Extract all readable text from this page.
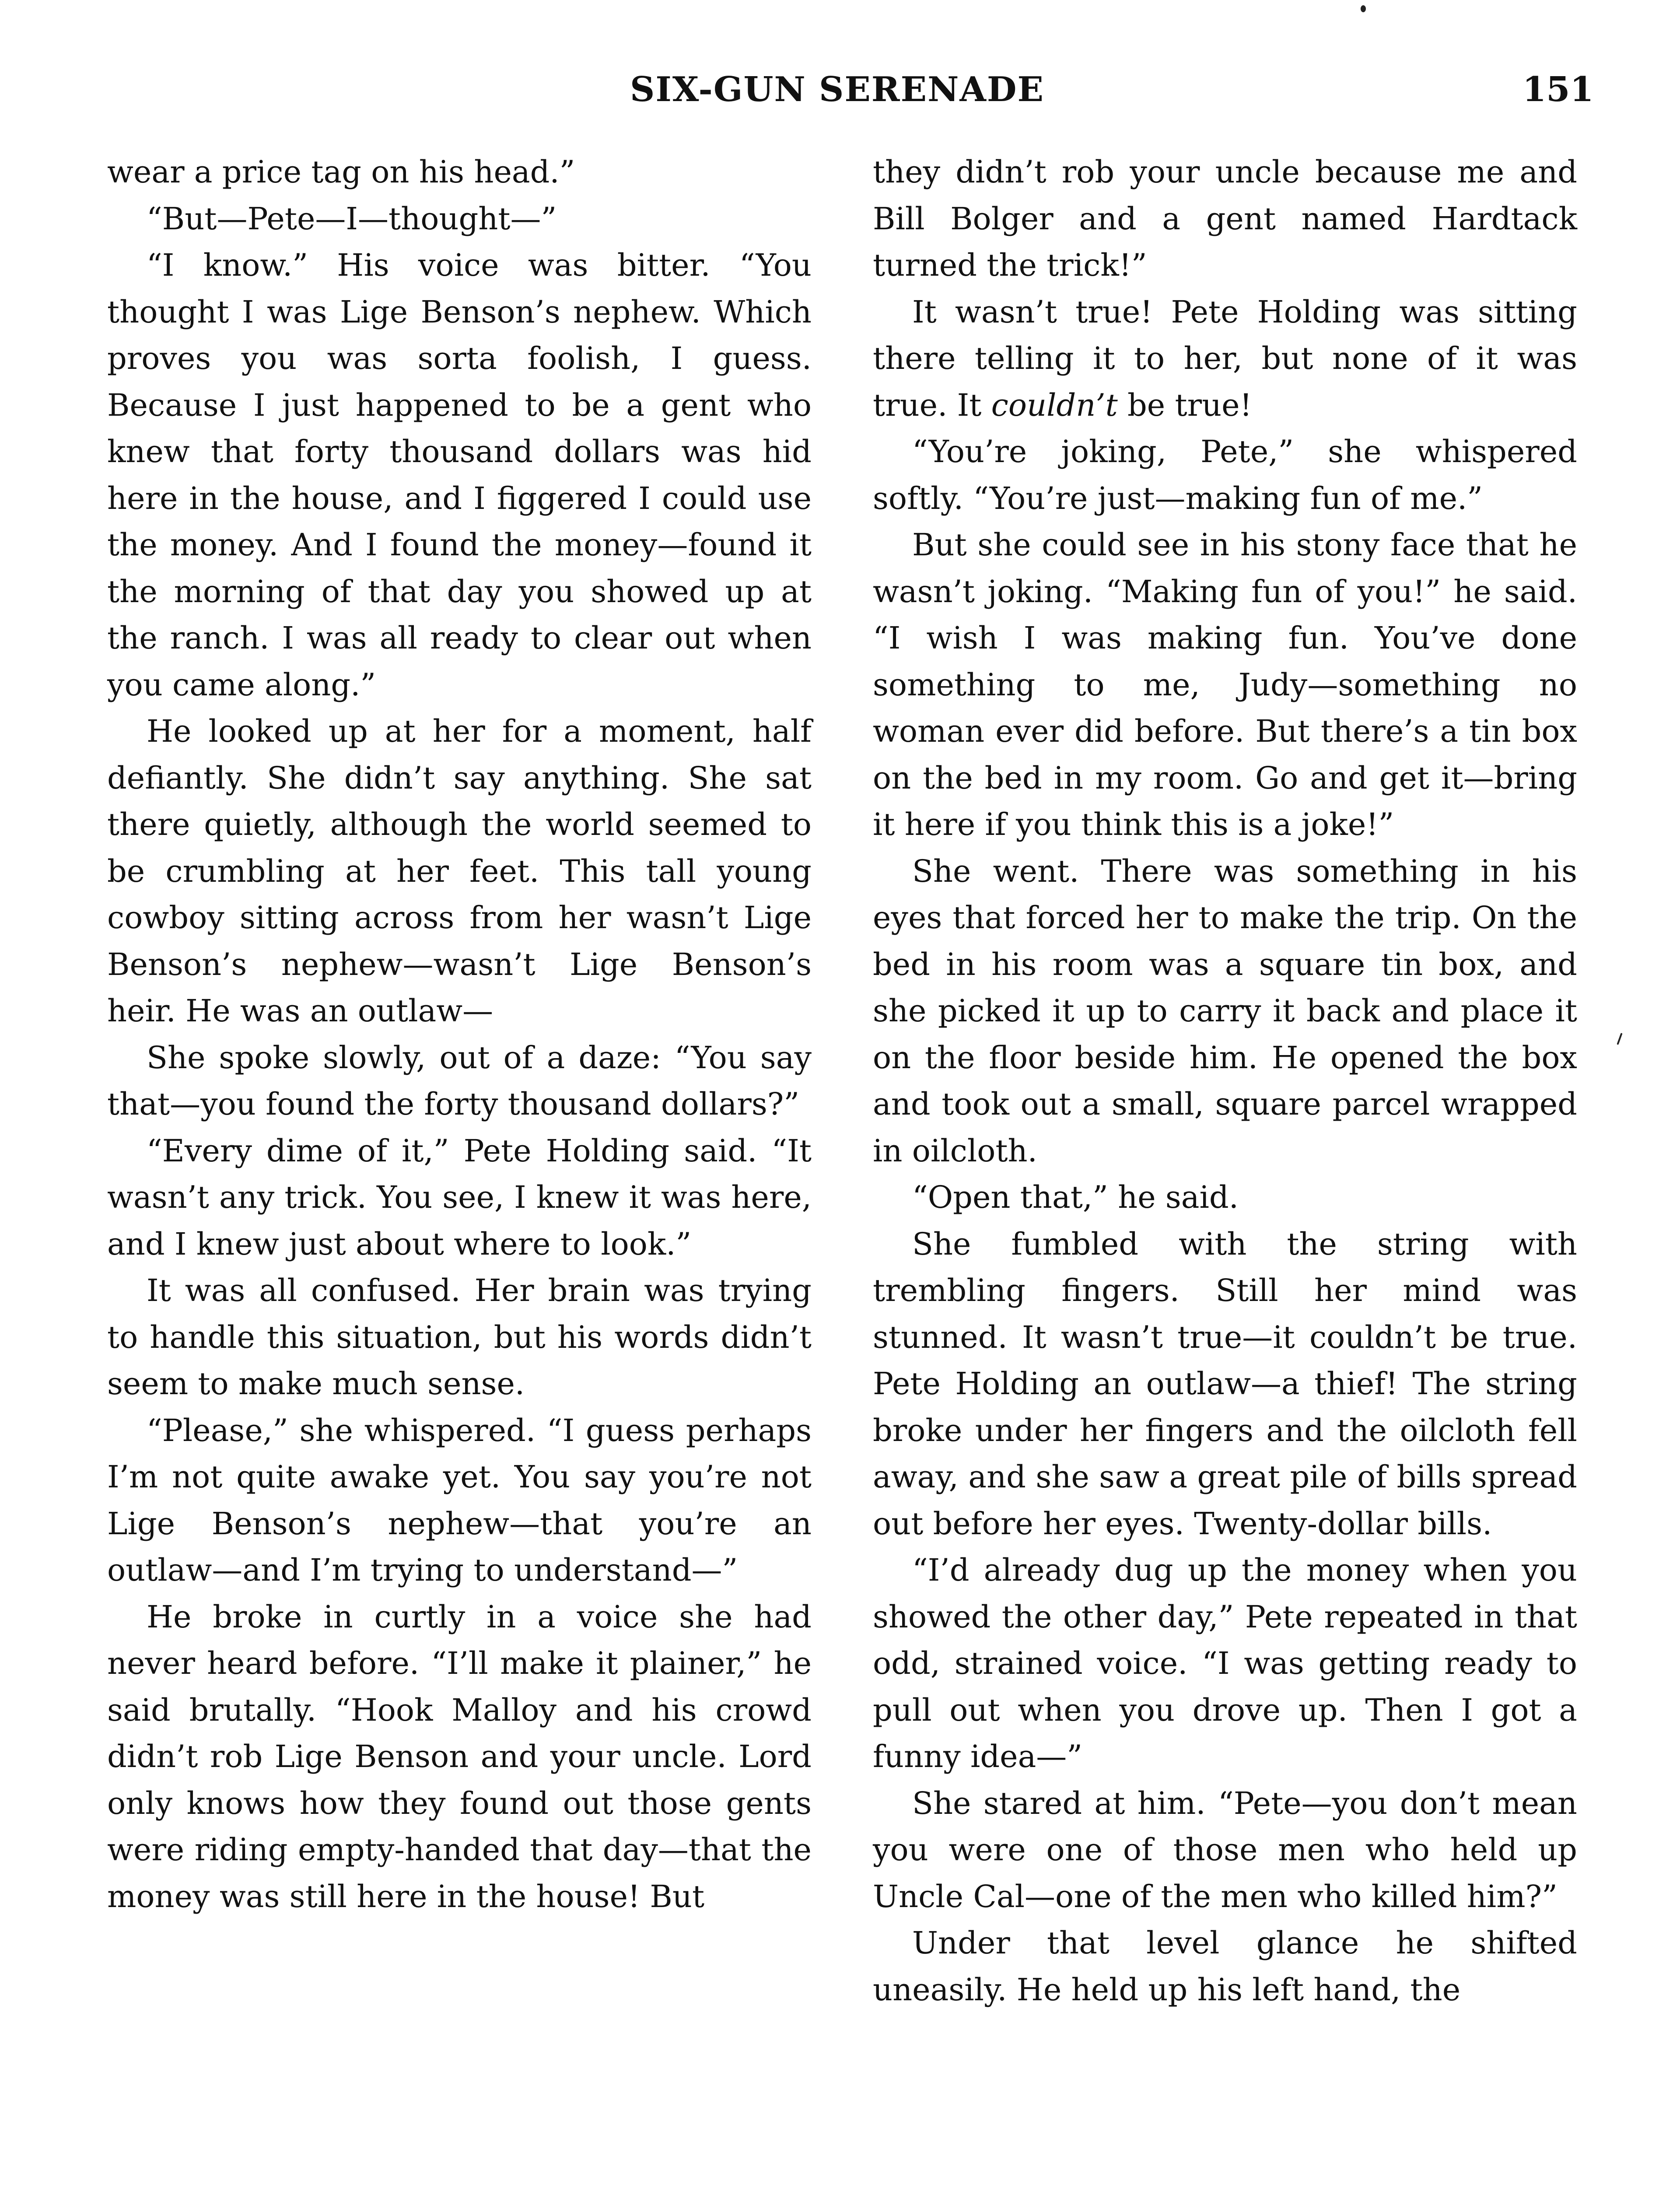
SIX-GUN SERENADE	151

wear a price tag on his head.”

“But—Pete—I—thought—”

“I know.” His voice was bitter. “You thought I was Lige Benson’s nephew. Which proves you was sorta foolish, I guess. Because I just happened to be a gent who knew that forty thousand dollars was hid here in the house, and I figgered I could use the money. And I found the money—found it the morning of that day you showed up at the ranch. I was all ready to clear out when you came along.”

He looked up at her for a moment, half defiantly. She didn’t say anything. She sat there quietly, although the world seemed to be crumbling at her feet. This tall young cowboy sitting across from her wasn’t Lige Benson’s nephew—wasn’t Lige Benson’s heir. He was an outlaw—

She spoke slowly, out of a daze: “You say that—you found the forty thousand dollars?”

“Every dime of it,” Pete Holding said. “It wasn’t any trick. You see, I knew it was here, and I knew just about where to look.”

It was all confused. Her brain was trying to handle this situation, but his words didn’t seem to make much sense.

“Please,” she whispered. “I guess perhaps I’m not quite awake yet. You say you’re not Lige Benson’s nephew—that you’re an outlaw—and I’m trying to understand—”

He broke in curtly in a voice she had never heard before. “I’ll make it plainer,” he said brutally. “Hook Malloy and his crowd didn’t rob Lige Benson and your uncle. Lord only knows how they found out those gents were riding empty-handed that day—that the money was still here in the house! But

they didn’t rob your uncle because me and Bill Bolger and a gent named Hardtack turned the trick!”

It wasn’t true! Pete Holding was sitting there telling it to her, but none of it was true. It couldn’t be true!

“You’re joking, Pete,” she whispered softly. “You’re just—making fun of me.”

But she could see in his stony face that he wasn’t joking. “Making fun of you!” he said. “I wish I was making fun. You’ve done something to me, Judy—something no woman ever did before. But there’s a tin box on the bed in my room. Go and get it—bring it here if you think this is a joke!”

She went. There was something in his eyes that forced her to make the trip. On the bed in his room was a square tin box, and she picked it up to carry it back and place it on the floor beside him. He opened the box and took out a small, square parcel wrapped in oilcloth.

“Open that,” he said.

She fumbled with the string with trembling fingers. Still her mind was stunned. It wasn’t true—it couldn’t be true. Pete Holding an outlaw—a thief! The string broke under her fingers and the oilcloth fell away, and she saw a great pile of bills spread out before her eyes. Twenty-dollar bills.

“I’d already dug up the money when you showed the other day,” Pete repeated in that odd, strained voice. “I was getting ready to pull out when you drove up. Then I got a funny idea—”

She stared at him. “Pete—you don’t mean you were one of those men who held up Uncle Cal—one of the men who killed him?”

Under that level glance he shifted uneasily. He held up his left hand, the
